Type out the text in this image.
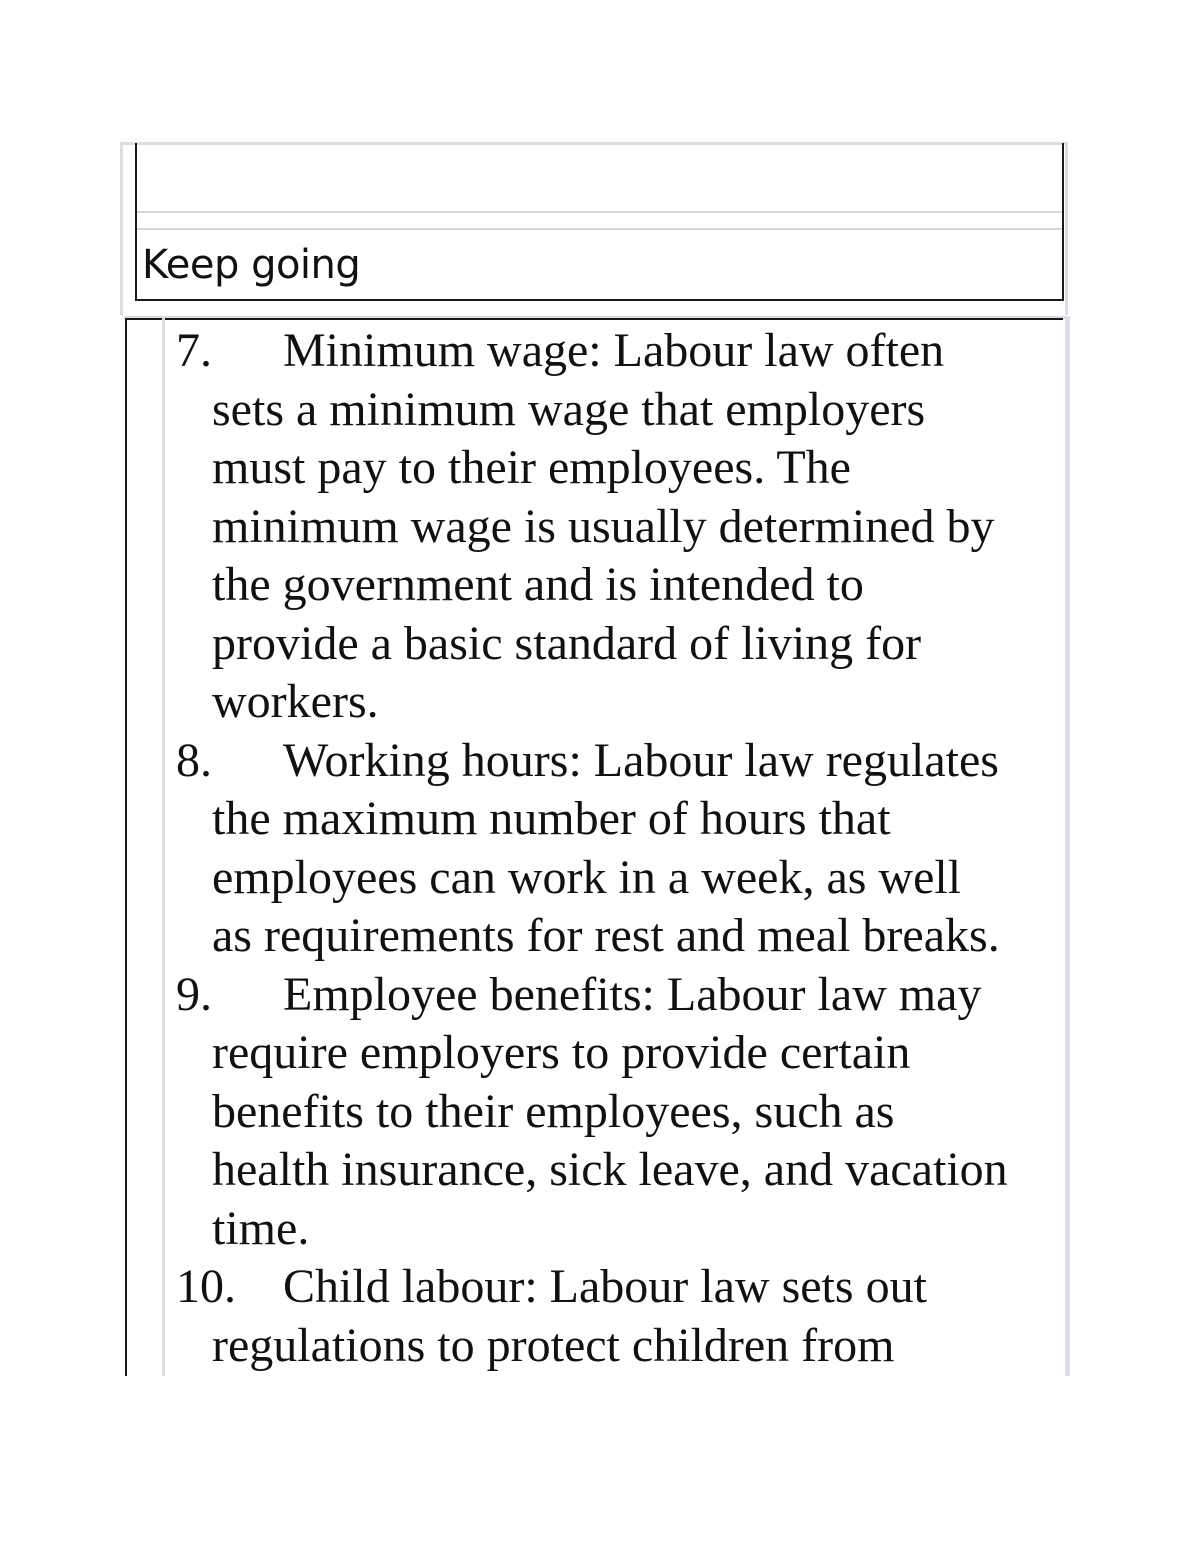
Keep going
7.	Minimum wage: Labour law often
sets a minimum wage that employers
must pay to their employees. The
minimum wage is usually determined by
the government and is intended to
provide a basic standard of living for
workers.
8.	Working hours: Labour law regulates
the maximum number of hours that
employees can work in a week, as well
as requirements for rest and meal breaks.
9.	Employee benefits: Labour law may
require employers to provide certain
benefits to their employees, such as
health insurance, sick leave, and vacation
time.
10. Child labour: Labour law sets out
regulations to protect children from
